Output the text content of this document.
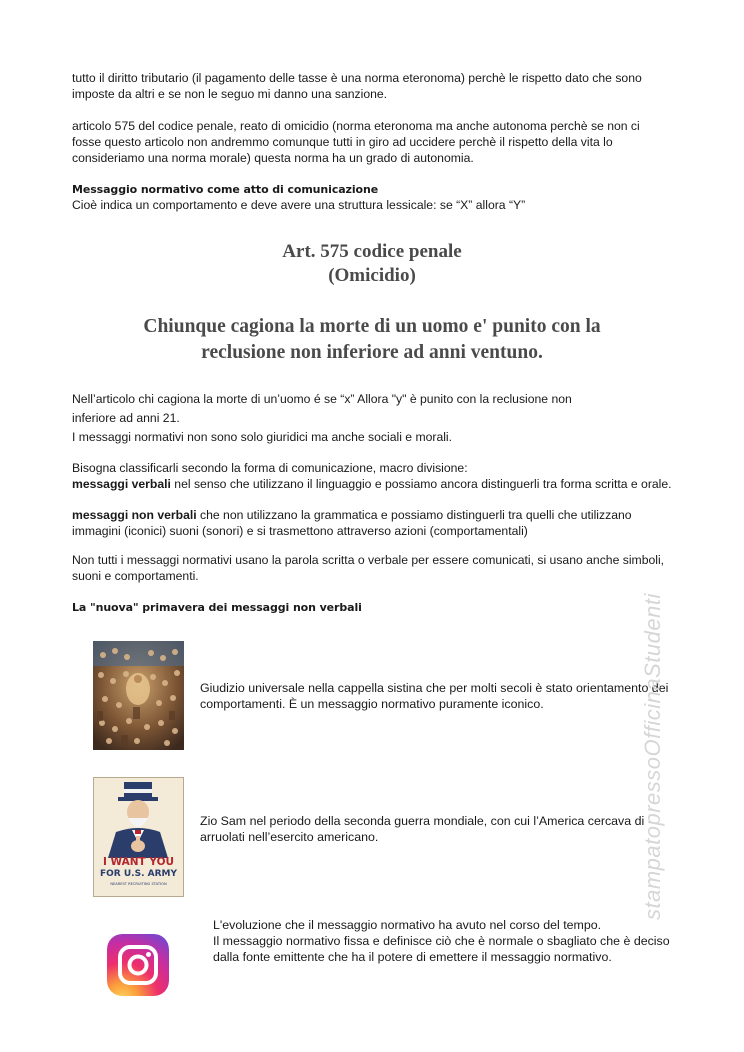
tutto il diritto tributario (il pagamento delle tasse è una norma eteronoma) perchè le rispetto dato che sono imposte da altri e se non le seguo mi danno una sanzione.

articolo 575 del codice penale, reato di omicidio (norma eteronoma ma anche autonoma perchè se non ci fosse questo articolo non andremmo comunque tutti in giro ad uccidere perchè il rispetto della vita lo consideriamo una norma morale) questa norma ha un grado di autonomia.

Messaggio normativo come atto di comunicazione

Cioè indica un comportamento e deve avere una struttura lessicale: se “X” allora “Y”

Art. 575 codice penale

(Omicidio)

Chiunque cagiona la morte di un uomo e' punito con la

reclusione non inferiore ad anni ventuno.

Nell’articolo chi cagiona la morte di un’uomo é se “x” Allora "y" è punito con la reclusione non

inferiore ad anni 21.

I messaggi normativi non sono solo giuridici ma anche sociali e morali.

Bisogna classificarli secondo la forma di comunicazione, macro divisione:

messaggi verbali nel senso che utilizzano il linguaggio e possiamo ancora distinguerli tra forma scritta e orale.

messaggi non verbali che non utilizzano la grammatica e possiamo distinguerli tra quelli che utilizzano immagini (iconici) suoni (sonori) e si trasmettono attraverso azioni (comportamentali)

Non tutti i messaggi normativi usano la parola scritta o verbale per essere comunicati, si usano anche simboli, suoni e comportamenti.

La "nuova" primavera dei messaggi non verbali

Giudizio universale nella cappella sistina che per molti secoli è stato orientamento dei comportamenti. È un messaggio normativo puramente iconico.

I WANT YOU
FOR U.S. ARMY
NEAREST RECRUITING STATION

Zio Sam nel periodo della seconda guerra mondiale, con cui l’America cercava di arruolati nell’esercito americano.

L'evoluzione che il messaggio normativo ha avuto nel corso del tempo.

Il messaggio normativo fissa e definisce ciò che è normale o sbagliato che è deciso dalla fonte emittente che ha il potere di emettere il messaggio normativo.

stampatopressoOfficinaStudenti
